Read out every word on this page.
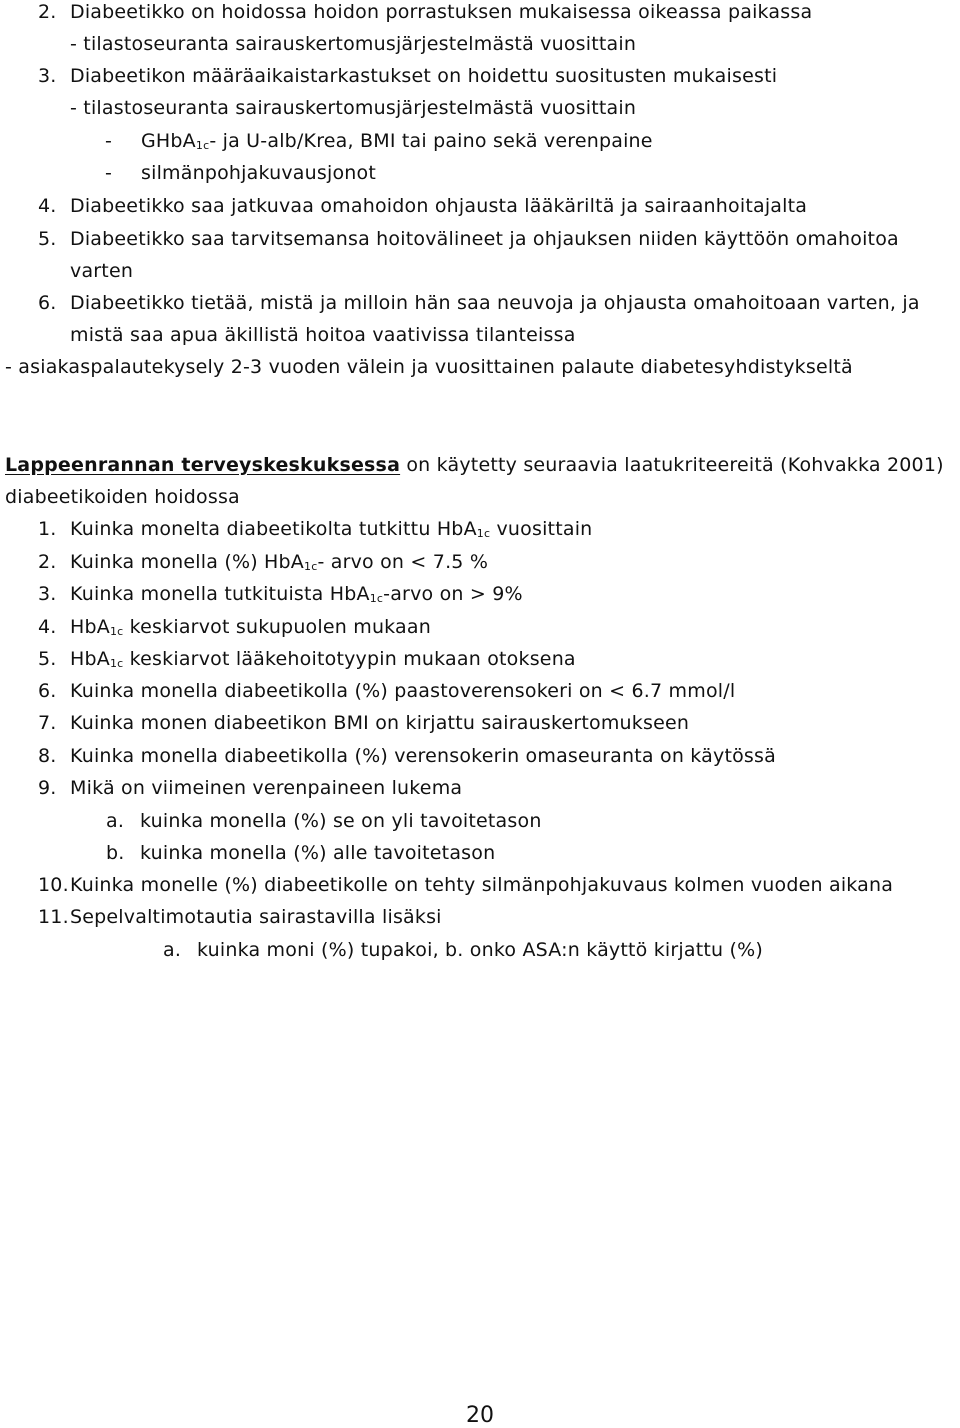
2. Diabeetikko on hoidossa hoidon porrastuksen mukaisessa oikeassa paikassa
- tilastoseuranta sairauskertomusjärjestelmästä vuosittain
3. Diabeetikon määräaikaistarkastukset on hoidettu suositusten mukaisesti
- tilastoseuranta sairauskertomusjärjestelmästä vuosittain
- GHbA$_{1c}$- ja U-alb/Krea, BMI tai paino sekä verenpaine
- silmänpohjakuvausjonot
4. Diabeetikko saa jatkuvaa omahoidon ohjausta lääkäriltä ja sairaanhoitajalta
5. Diabeetikko saa tarvitsemansa hoitovälineet ja ohjauksen niiden käyttöön omahoitoa
varten
6. Diabeetikko tietää, mistä ja milloin hän saa neuvoja ja ohjausta omahoitoaan varten, ja
mistä saa apua äkillistä hoitoa vaativissa tilanteissa
- asiakaspalautekysely 2-3 vuoden välein ja vuosittainen palaute diabetesyhdistykseltä
Lappeenrannan terveyskeskuksessa on käytetty seuraavia laatukriteereitä (Kohvakka 2001)
diabeetikoiden hoidossa
1. Kuinka monelta diabeetikolta tutkittu HbA$_{1c}$ vuosittain
2. Kuinka monella (%) HbA$_{1c}$- arvo on < 7.5 %
3. Kuinka monella tutkituista HbA$_{1c}$-arvo on > 9%
4. HbA$_{1c}$ keskiarvot sukupuolen mukaan
5. HbA$_{1c}$ keskiarvot lääkehoitotyypin mukaan otoksena
6. Kuinka monella diabeetikolla (%) paastoverensokeri on < 6.7 mmol/l
7. Kuinka monen diabeetikon BMI on kirjattu sairauskertomukseen
8. Kuinka monella diabeetikolla (%) verensokerin omaseuranta on käytössä
9. Mikä on viimeinen verenpaineen lukema
a. kuinka monella (%) se on yli tavoitetason
b. kuinka monella (%) alle tavoitetason
10.Kuinka monelle (%) diabeetikolle on tehty silmänpohjakuvaus kolmen vuoden aikana
11.Sepelvaltimotautia sairastavilla lisäksi
a. kuinka moni (%) tupakoi, b. onko ASA:n käyttö kirjattu (%)
20
